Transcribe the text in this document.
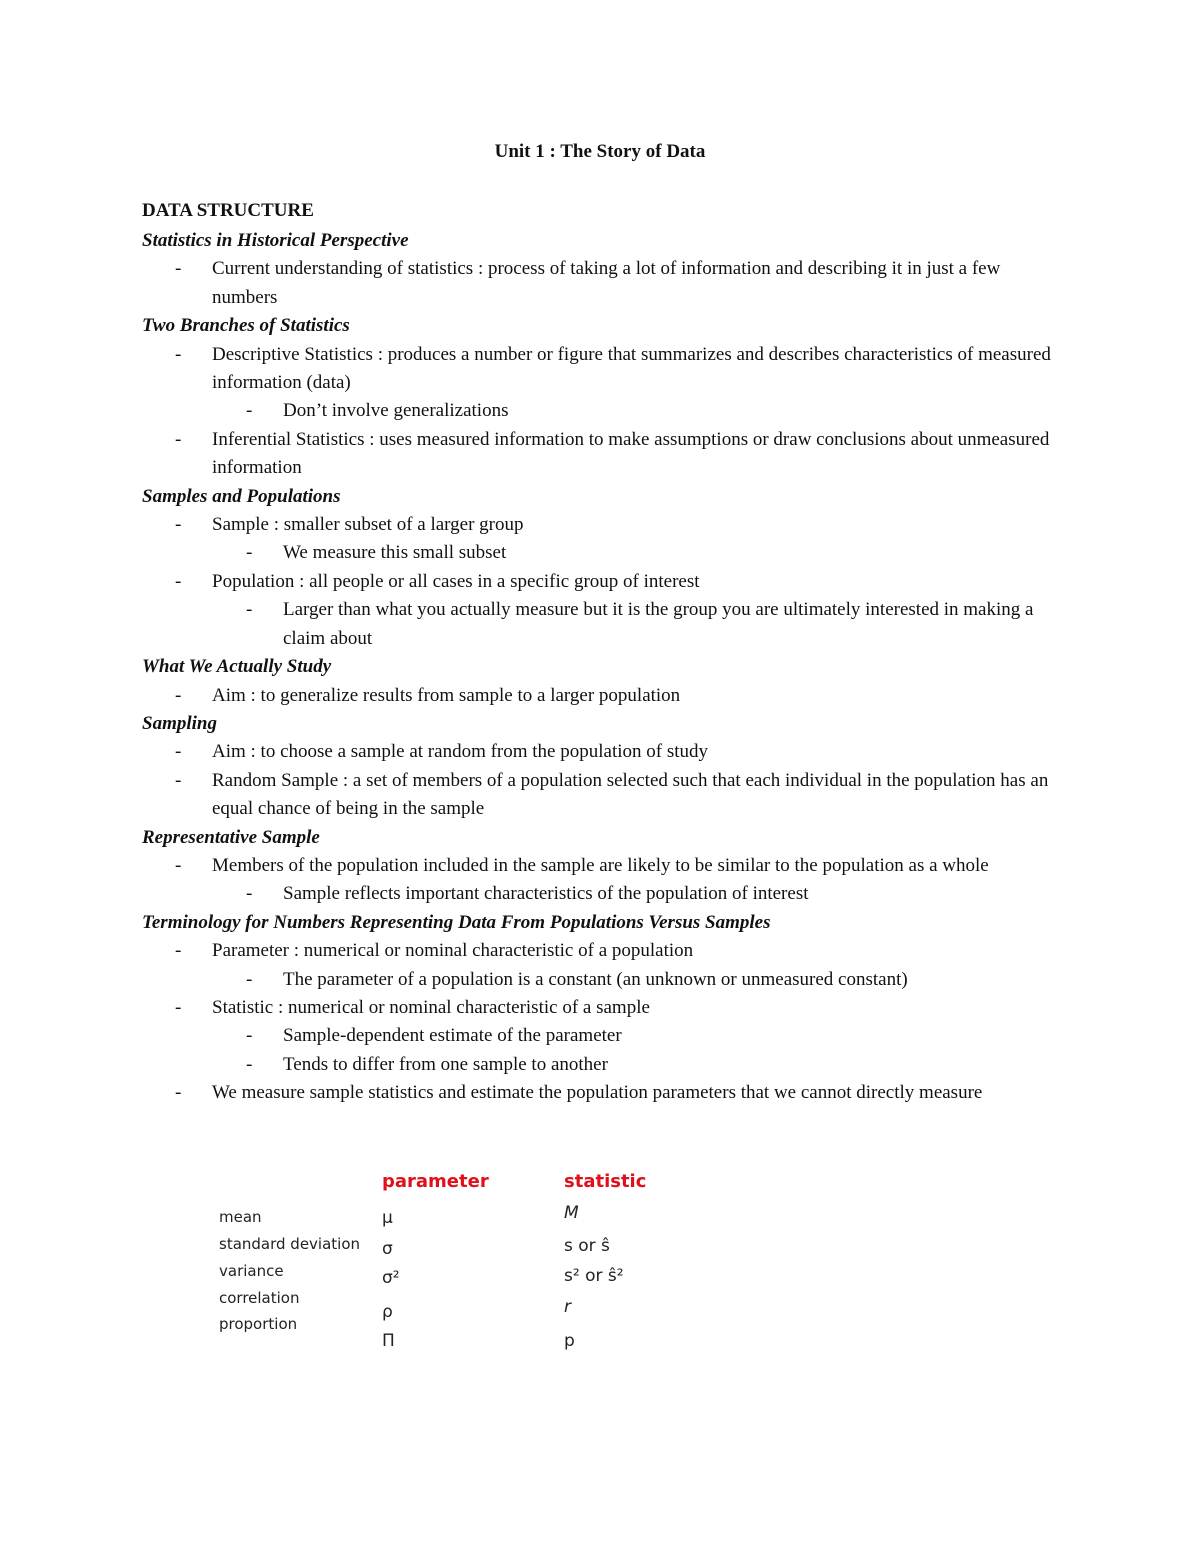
Unit 1 : The Story of Data
DATA STRUCTURE
Statistics in Historical Perspective
- Current understanding of statistics : process of taking a lot of information and describing it in just a few numbers
Two Branches of Statistics
- Descriptive Statistics : produces a number or figure that summarizes and describes characteristics of measured information (data)
- Don’t involve generalizations
- Inferential Statistics : uses measured information to make assumptions or draw conclusions about unmeasured information
Samples and Populations
- Sample : smaller subset of a larger group
- We measure this small subset
- Population : all people or all cases in a specific group of interest
- Larger than what you actually measure but it is the group you are ultimately interested in making a claim about
What We Actually Study
- Aim : to generalize results from sample to a larger population
Sampling
- Aim : to choose a sample at random from the population of study
- Random Sample : a set of members of a population selected such that each individual in the population has an equal chance of being in the sample
Representative Sample
- Members of the population included in the sample are likely to be similar to the population as a whole
- Sample reflects important characteristics of the population of interest
Terminology for Numbers Representing Data From Populations Versus Samples
- Parameter : numerical or nominal characteristic of a population
- The parameter of a population is a constant (an unknown or unmeasured constant)
- Statistic : numerical or nominal characteristic of a sample
- Sample-dependent estimate of the parameter
- Tends to differ from one sample to another
- We measure sample statistics and estimate the population parameters that we cannot directly measure
parameter	statistic
mean
standard deviation
variance
correlation
proportion
μ
σ
σ²
ρ
Π
M
s or ŝ
s² or ŝ²
r
p
